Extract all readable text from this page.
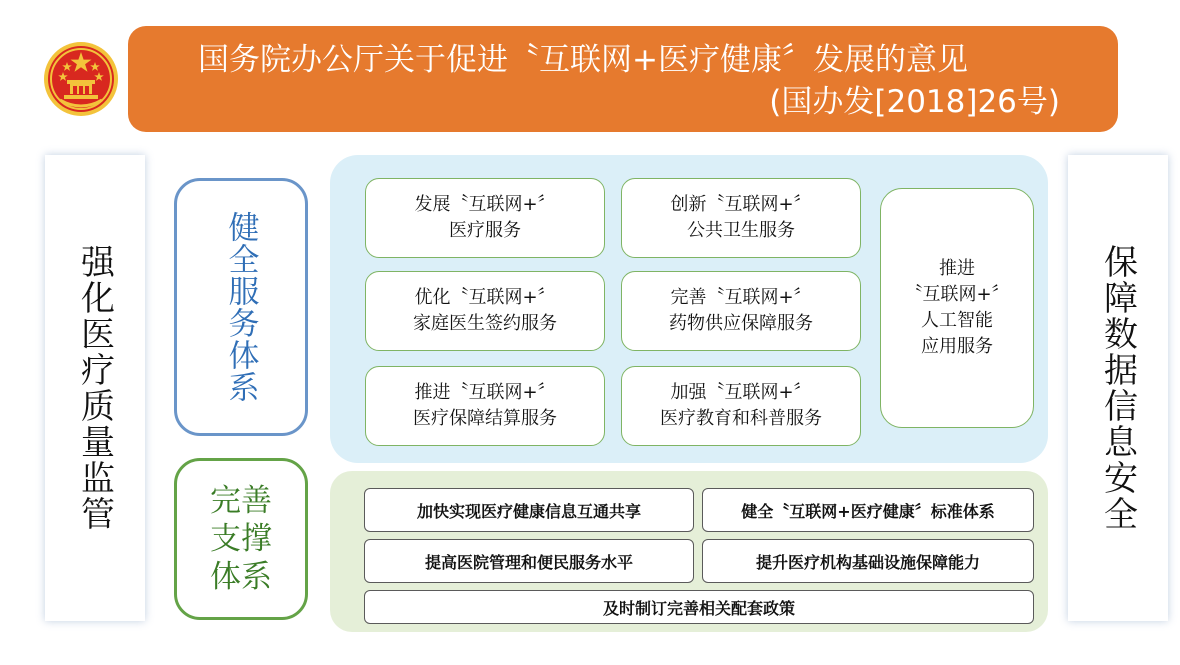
国务院办公厅关于促进〝互联网+医疗健康〞发展的意见
(国办发[2018]26号)
强化医疗质量监管	保障数据信息安全
健全服务体系
完善
支撑
体系
发展〝互联网+〞
医疗服务
创新〝互联网+〞
公共卫生服务
优化〝互联网+〞
家庭医生签约服务
完善〝互联网+〞
药物供应保障服务
推进〝互联网+〞
医疗保障结算服务
加强〝互联网+〞
医疗教育和科普服务
推进
〝互联网+〞
人工智能
应用服务
加快实现医疗健康信息互通共享	健全〝互联网+医疗健康〞标准体系
提高医院管理和便民服务水平	提升医疗机构基础设施保障能力
及时制订完善相关配套政策
